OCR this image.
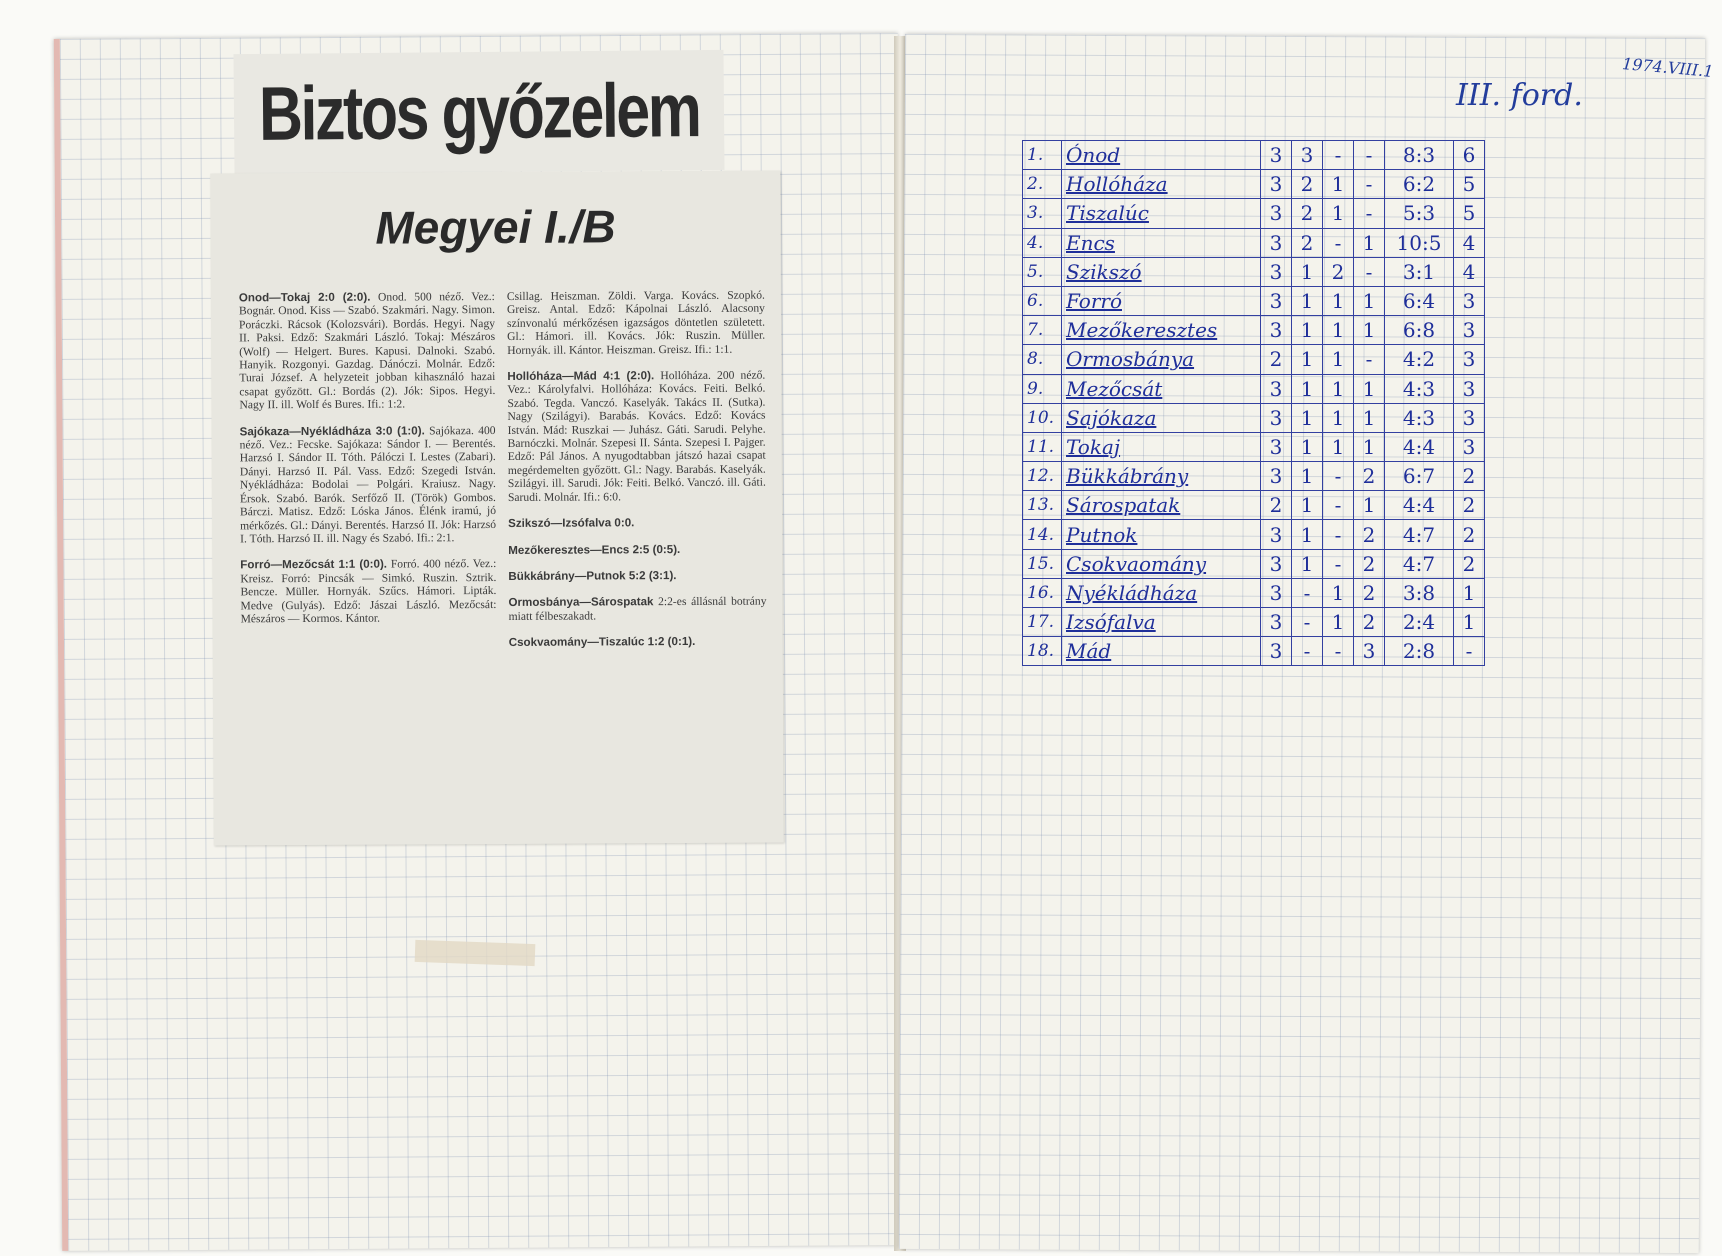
Biztos győzelem
Megyei I./B

Onod—Tokaj 2:0 (2:0). Onod. 500 néző. Vez.: Bognár. Onod. Kiss — Szabó. Szakmári. Nagy. Simon. Poráczki. Rácsok (Kolozsvári). Bordás. Hegyi. Nagy II. Paksi. Edző: Szakmári László. Tokaj: Mészáros (Wolf) — Helgert. Bures. Kapusi. Dalnoki. Szabó. Hanyik. Rozgonyi. Gazdag. Dánóczi. Molnár. Edző: Turai József. A helyzeteit jobban kihasználó hazai csapat győzött. Gl.: Bordás (2). Jók: Sipos. Hegyi. Nagy II. ill. Wolf és Bures. Ifi.: 1:2.

Sajókaza—Nyékládháza 3:0 (1:0). Sajókaza. 400 néző. Vez.: Fecske. Sajókaza: Sándor I. — Berentés. Harzsó I. Sándor II. Tóth. Pálóczi I. Lestes (Zabari). Dányi. Harzsó II. Pál. Vass. Edző: Szegedi István. Nyékládháza: Bodolai — Polgári. Kraiusz. Nagy. Érsok. Szabó. Barók. Serfőző II. (Török) Gombos. Bárczi. Matisz. Edző: Lóska János. Élénk iramú, jó mérkőzés. Gl.: Dányi. Berentés. Harzsó II. Jók: Harzsó I. Tóth. Harzsó II. ill. Nagy és Szabó. Ifi.: 2:1.

Forró—Mezőcsát 1:1 (0:0). Forró. 400 néző. Vez.: Kreisz. Forró: Pincsák — Simkó. Ruszin. Sztrik. Bencze. Müller. Hornyák. Szűcs. Hámori. Lipták. Medve (Gulyás). Edző: Jászai László. Mezőcsát: Mészáros — Kormos. Kántor.

Csillag. Heiszman. Zöldi. Varga. Kovács. Szopkó. Greisz. Antal. Edző: Kápolnai László. Alacsony színvonalú mérkőzésen igazságos döntetlen született. Gl.: Hámori. ill. Kovács. Jók: Ruszin. Müller. Hornyák. ill. Kántor. Heiszman. Greisz. Ifi.: 1:1.

Hollóháza—Mád 4:1 (2:0). Hollóháza. 200 néző. Vez.: Károlyfalvi. Hollóháza: Kovács. Feiti. Belkó. Szabó. Tegda. Vanczó. Kaselyák. Takács II. (Sutka). Nagy (Szilágyi). Barabás. Kovács. Edző: Kovács István. Mád: Ruszkai — Juhász. Gáti. Sarudi. Pelyhe. Barnóczki. Molnár. Szepesi II. Sánta. Szepesi I. Pajger. Edző: Pál János. A nyugodtabban játszó hazai csapat megérdemelten győzött. Gl.: Nagy. Barabás. Kaselyák. Szilágyi. ill. Sarudi. Jók: Feiti. Belkó. Vanczó. ill. Gáti. Sarudi. Molnár. Ifi.: 6:0.

Szikszó—Izsófalva 0:0.

Mezőkeresztes—Encs 2:5 (0:5).

Bükkábrány—Putnok 5:2 (3:1).

Ormosbánya—Sárospatak 2:2-es állásnál botrány miatt félbeszakadt.

Csokvaomány—Tiszalúc 1:2 (0:1).

1974.VIII.1
III. ford.
1.	Ónod	3	3	-	-	8:3	6
2.	Hollóháza	3	2	1	-	6:2	5
3.	Tiszalúc	3	2	1	-	5:3	5
4.	Encs	3	2	-	1	10:5	4
5.	Szikszó	3	1	2	-	3:1	4
6.	Forró	3	1	1	1	6:4	3
7.	Mezőkeresztes	3	1	1	1	6:8	3
8.	Ormosbánya	2	1	1	-	4:2	3
9.	Mezőcsát	3	1	1	1	4:3	3
10.	Sajókaza	3	1	1	1	4:3	3
11.	Tokaj	3	1	1	1	4:4	3
12.	Bükkábrány	3	1	-	2	6:7	2
13.	Sárospatak	2	1	-	1	4:4	2
14.	Putnok	3	1	-	2	4:7	2
15.	Csokvaomány	3	1	-	2	4:7	2
16.	Nyékládháza	3	-	1	2	3:8	1
17.	Izsófalva	3	-	1	2	2:4	1
18.	Mád	3	-	-	3	2:8	-
